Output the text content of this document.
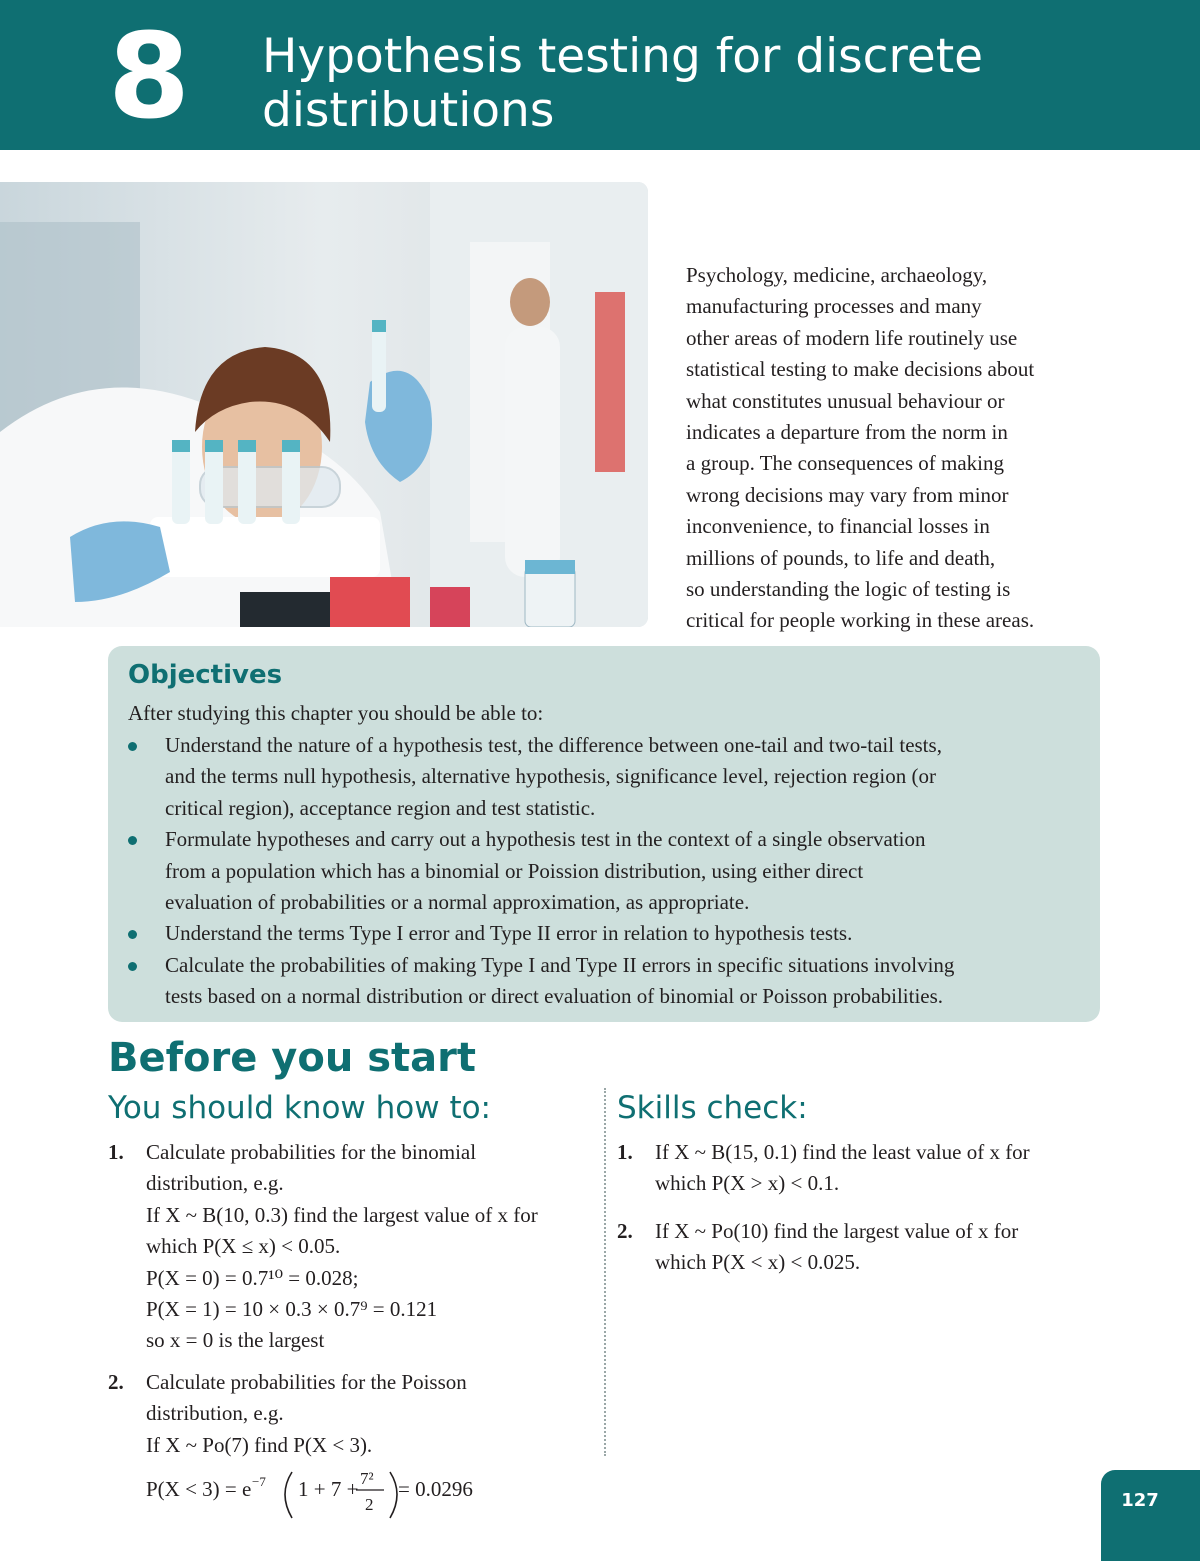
8 Hypothesis testing for discrete
distributions
Psychology, medicine, archaeology,
manufacturing processes and many
other areas of modern life routinely use
statistical testing to make decisions about
what constitutes unusual behaviour or
indicates a departure from the norm in
a group. The consequences of making
wrong decisions may vary from minor
inconvenience, to financial losses in
millions of pounds, to life and death,
so understanding the logic of testing is
critical for people working in these areas.
Objectives
After studying this chapter you should be able to:
Understand the nature of a hypothesis test, the difference between one-tail and two-tail tests,
and the terms null hypothesis, alternative hypothesis, significance level, rejection region (or
critical region), acceptance region and test statistic.
Formulate hypotheses and carry out a hypothesis test in the context of a single observation
from a population which has a binomial or Poission distribution, using either direct
evaluation of probabilities or a normal approximation, as appropriate.
Understand the terms Type I error and Type II error in relation to hypothesis tests.
Calculate the probabilities of making Type I and Type II errors in specific situations involving
tests based on a normal distribution or direct evaluation of binomial or Poisson probabilities.
Before you start
You should know how to:	Skills check:
1. Calculate probabilities for the binomial
distribution, e.g.
If X ~ B(10, 0.3) find the largest value of x for
which P(X ≤ x) < 0.05.
P(X = 0) = 0.7¹⁰ = 0.028;
P(X = 1) = 10 × 0.3 × 0.7⁹ = 0.121
so x = 0 is the largest
2. Calculate probabilities for the Poisson
distribution, e.g.
If X ~ Po(7) find P(X < 3).
P(X < 3) = e −7 1 + 7 + 7²
2
= 0.0296
1. If X ~ B(15, 0.1) find the least value of x for
which P(X > x) < 0.1.
2. If X ~ Po(10) find the largest value of x for
which P(X < x) < 0.025.
127
